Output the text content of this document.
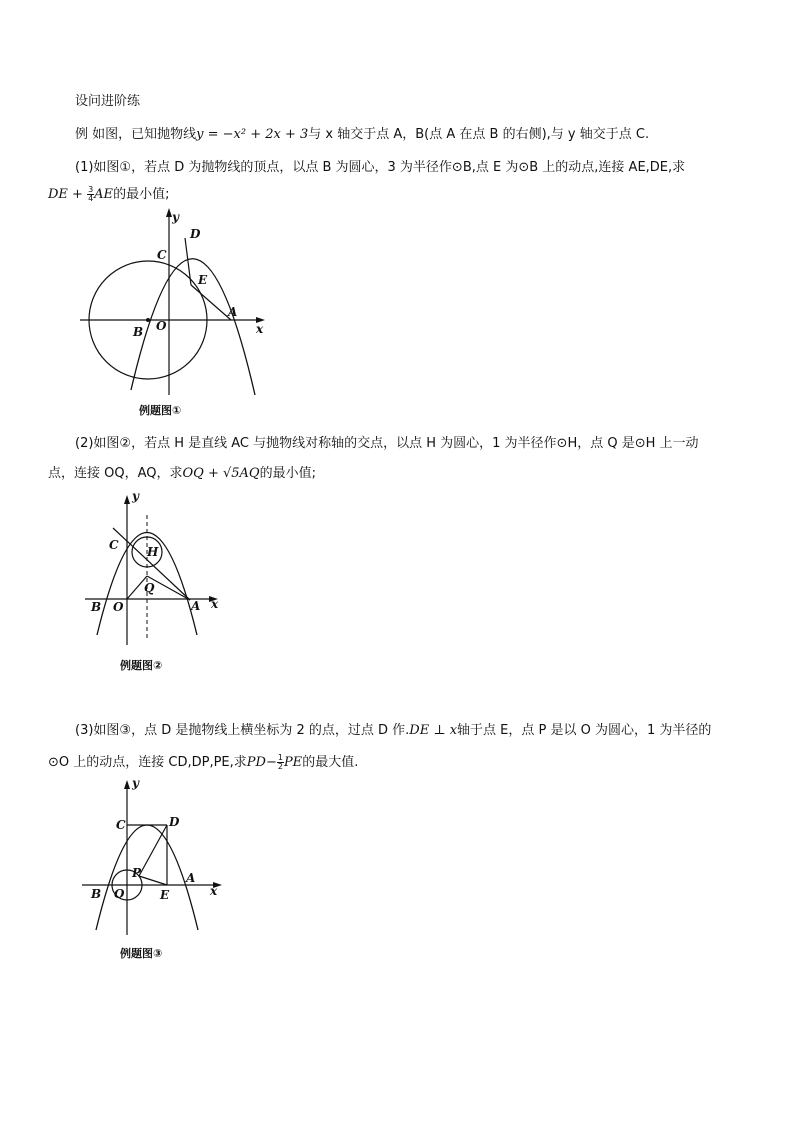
设问进阶练
例 如图，已知抛物线y = −x² + 2x + 3与 x 轴交于点 A，B(点 A 在点 B 的右侧),与 y 轴交于点 C.
(1)如图①，若点 D 为抛物线的顶点，以点 B 为圆心，3 为半径作⊙B,点 E 为⊙B 上的动点,连接 AE,DE,求
DE + $\frac{3}{4}$ AE的最小值;
y
x
C
D
E
A
B O
例题图①
(2)如图②，若点 H 是直线 AC 与抛物线对称轴的交点，以点 H 为圆心，1 为半径作⊙H，点 Q 是⊙H 上一动
点，连接 OQ，AQ，求OQ + √5AQ的最小值;
y
x
C H
Q
A
B O
例题图②
(3)如图③，点 D 是抛物线上横坐标为 2 的点，过点 D 作.DE ⊥ x轴于点 E，点 P 是以 O 为圆心，1 为半径的
⊙O 上的动点，连接 CD,DP,PE,求$PD- \frac{1}{2}$ PE的最大值.
y
x
C	D
P
E
A
B O
例题图③
